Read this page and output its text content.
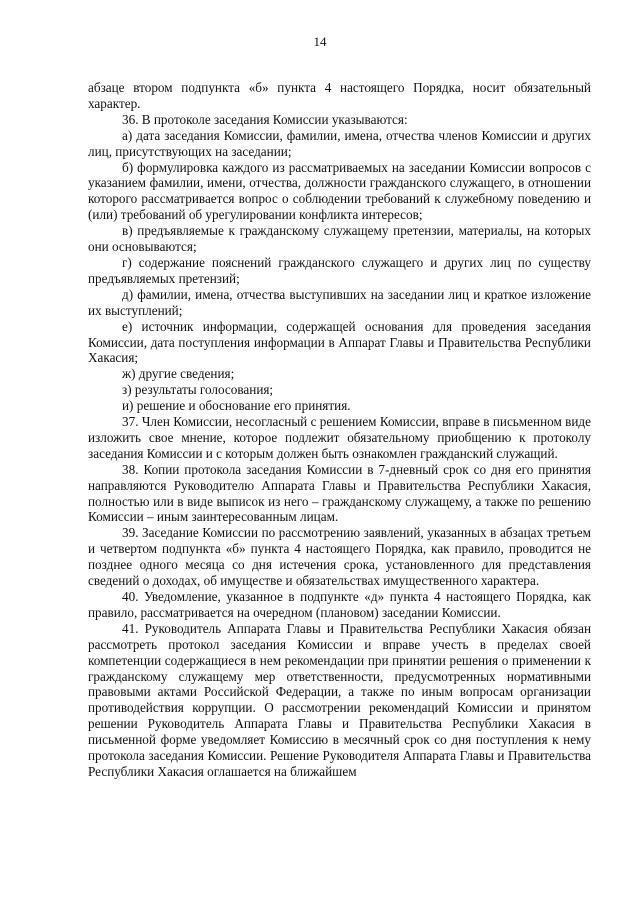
14

абзаце втором подпункта «б» пункта 4 настоящего Порядка, носит обязательный характер.

36. В протоколе заседания Комиссии указываются:

а) дата заседания Комиссии, фамилии, имена, отчества членов Комиссии и других лиц, присутствующих на заседании;

б) формулировка каждого из рассматриваемых на заседании Комиссии вопросов с указанием фамилии, имени, отчества, должности гражданского служащего, в отношении которого рассматривается вопрос о соблюдении требований к служебному поведению и (или) требований об урегулировании конфликта интересов;

в) предъявляемые к гражданскому служащему претензии, материалы, на которых они основываются;

г) содержание пояснений гражданского служащего и других лиц по существу предъявляемых претензий;

д) фамилии, имена, отчества выступивших на заседании лиц и краткое изложение их выступлений;

е) источник информации, содержащей основания для проведения заседания Комиссии, дата поступления информации в Аппарат Главы и Правительства Республики Хакасия;

ж) другие сведения;

з) результаты голосования;

и) решение и обоснование его принятия.

37. Член Комиссии, несогласный с решением Комиссии, вправе в письменном виде изложить свое мнение, которое подлежит обязательному приобщению к протоколу заседания Комиссии и с которым должен быть ознакомлен гражданский служащий.

38. Копии протокола заседания Комиссии в 7-дневный срок со дня его принятия направляются Руководителю Аппарата Главы и Правительства Республики Хакасия, полностью или в виде выписок из него – гражданскому служащему, а также по решению Комиссии – иным заинтересованным лицам.

39. Заседание Комиссии по рассмотрению заявлений, указанных в абзацах третьем и четвертом подпункта «б» пункта 4 настоящего Порядка, как правило, проводится не позднее одного месяца со дня истечения срока, установленного для представления сведений о доходах, об имуществе и обязательствах имущественного характера.

40. Уведомление, указанное в подпункте «д» пункта 4 настоящего Порядка, как правило, рассматривается на очередном (плановом) заседании Комиссии.

41. Руководитель Аппарата Главы и Правительства Республики Хакасия обязан рассмотреть протокол заседания Комиссии и вправе учесть в пределах своей компетенции содержащиеся в нем рекомендации при принятии решения о применении к гражданскому служащему мер ответственности, предусмотренных нормативными правовыми актами Российской Федерации, а также по иным вопросам организации противодействия коррупции. О рассмотрении рекомендаций Комиссии и принятом решении Руководитель Аппарата Главы и Правительства Республики Хакасия в письменной форме уведомляет Комиссию в месячный срок со дня поступления к нему протокола заседания Комиссии. Решение Руководителя Аппарата Главы и Правительства Республики Хакасия оглашается на ближайшем
